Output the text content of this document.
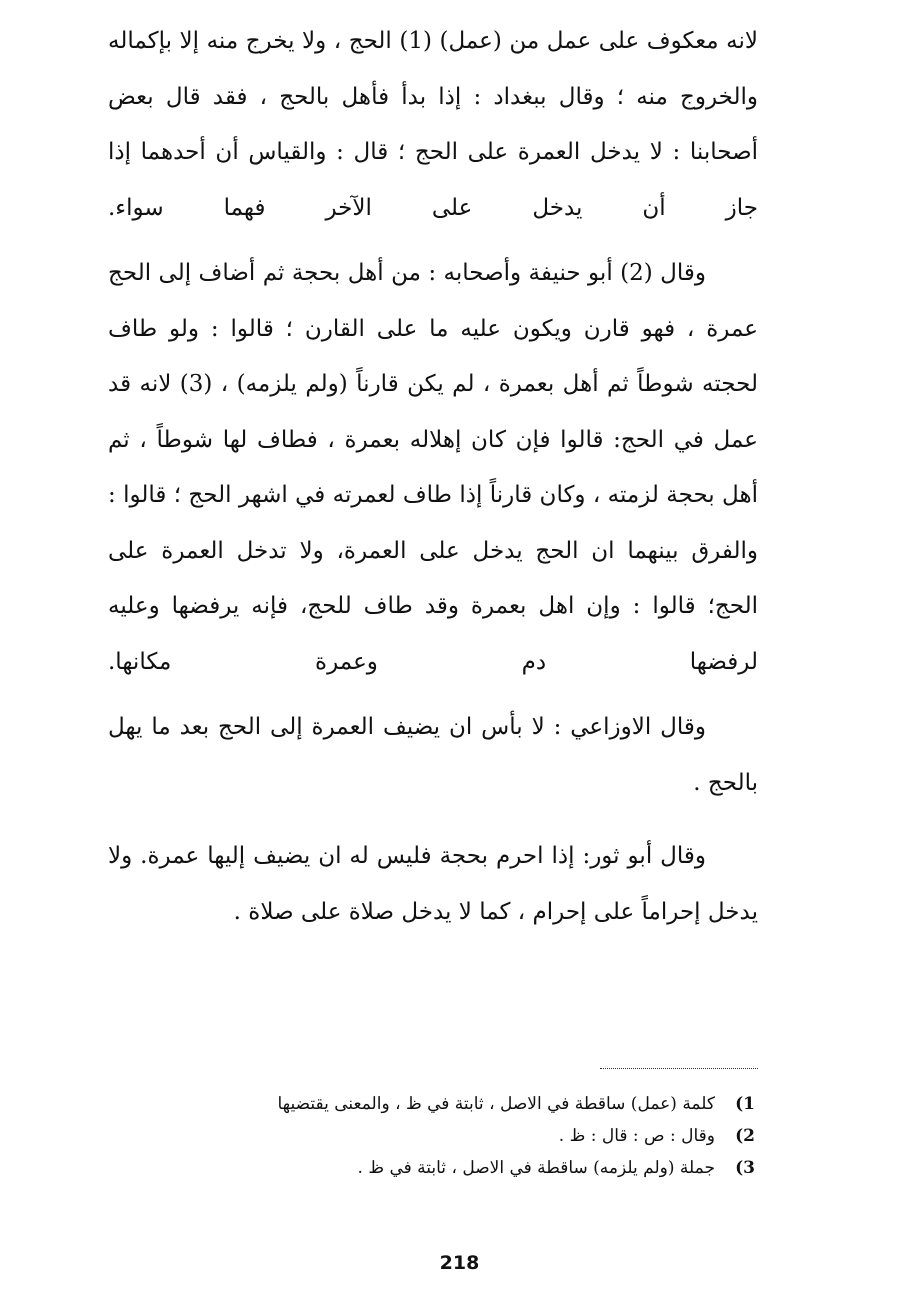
لانه معكوف على عمل من (عمل) (1) الحج ، ولا يخرج منه إلا بإكماله والخروج منه ؛ وقال ببغداد : إذا بدأ فأهل بالحج ، فقد قال بعض أصحابنا : لا يدخل العمرة على الحج ؛ قال : والقياس أن أحدهما إذا جاز أن يدخل على الآخر فهما سواء.

وقال (2) أبو حنيفة وأصحابه : من أهل بحجة ثم أضاف إلى الحج عمرة ، فهو قارن ويكون عليه ما على القارن ؛ قالوا : ولو طاف لحجته شوطاً ثم أهل بعمرة ، لم يكن قارناً (ولم يلزمه) ، (3) لانه قد عمل في الحج: قالوا فإن كان إهلاله بعمرة ، فطاف لها شوطاً ، ثم أهل بحجة لزمته ، وكان قارناً إذا طاف لعمرته في اشهر الحج ؛ قالوا : والفرق بينهما ان الحج يدخل على العمرة، ولا تدخل العمرة على الحج؛ قالوا : وإن اهل بعمرة وقد طاف للحج، فإنه يرفضها وعليه لرفضها دم وعمرة مكانها.

وقال الاوزاعي : لا بأس ان يضيف العمرة إلى الحج بعد ما يهل بالحج .

وقال أبو ثور: إذا احرم بحجة فليس له ان يضيف إليها عمرة. ولا يدخل إحراماً على إحرام ، كما لا يدخل صلاة على صلاة .

1)
كلمة (عمل) ساقطة في الاصل ، ثابتة في ظ ، والمعنى يقتضيها
2)
وقال : ص : قال : ظ .
3)
جملة (ولم يلزمه) ساقطة في الاصل ، ثابتة في ظ .
218
